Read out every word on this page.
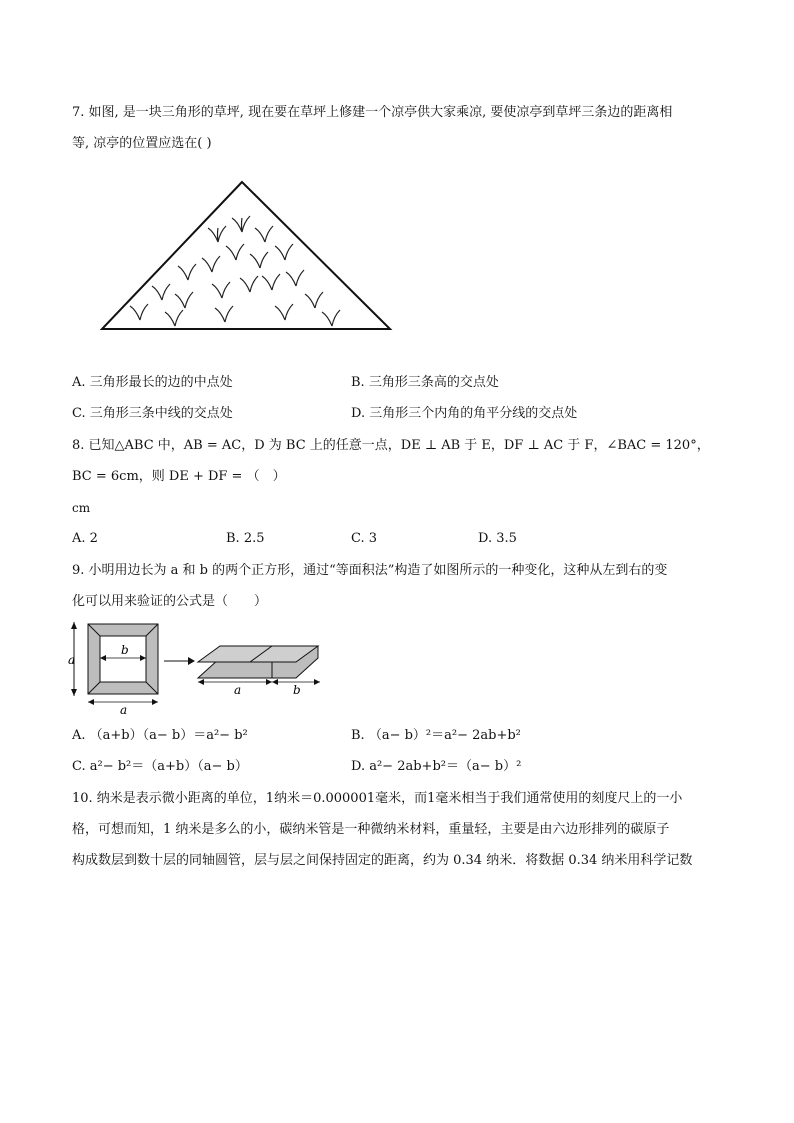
7. 如图, 是一块三角形的草坪, 现在要在草坪上修建一个凉亭供大家乘凉, 要使凉亭到草坪三条边的距离相
等, 凉亭的位置应选在( )
A. 三角形最长的边的中点处	B. 三角形三条高的交点处
C. 三角形三条中线的交点处	D. 三角形三个内角的角平分线的交点处
8. 已知△ABC 中，AB = AC，D 为 BC 上的任意一点，DE ⊥ AB 于 E，DF ⊥ AC 于 F，∠BAC = 120°，
BC = 6cm，则 DE + DF = （　）
cm
A. 2	B. 2.5	C. 3	D. 3.5
9. 小明用边长为 a 和 b 的两个正方形，通过“等面积法”构造了如图所示的一种变化，这种从左到右的变
化可以用来验证的公式是（　　）
a
b
a
a	b
A. （a+b）（a− b）＝a²− b²	B. （a− b）²＝a²− 2ab+b²
C. a²− b²＝（a+b）（a− b）	D. a²− 2ab+b²＝（a− b）²
10. 纳米是表示微小距离的单位，1纳米＝0.000001毫米，而1毫米相当于我们通常使用的刻度尺上的一小
格，可想而知，1 纳米是多么的小，碳纳米管是一种微纳米材料，重量轻，主要是由六边形排列的碳原子
构成数层到数十层的同轴圆管，层与层之间保持固定的距离，约为 0.34 纳米．将数据 0.34 纳米用科学记数
